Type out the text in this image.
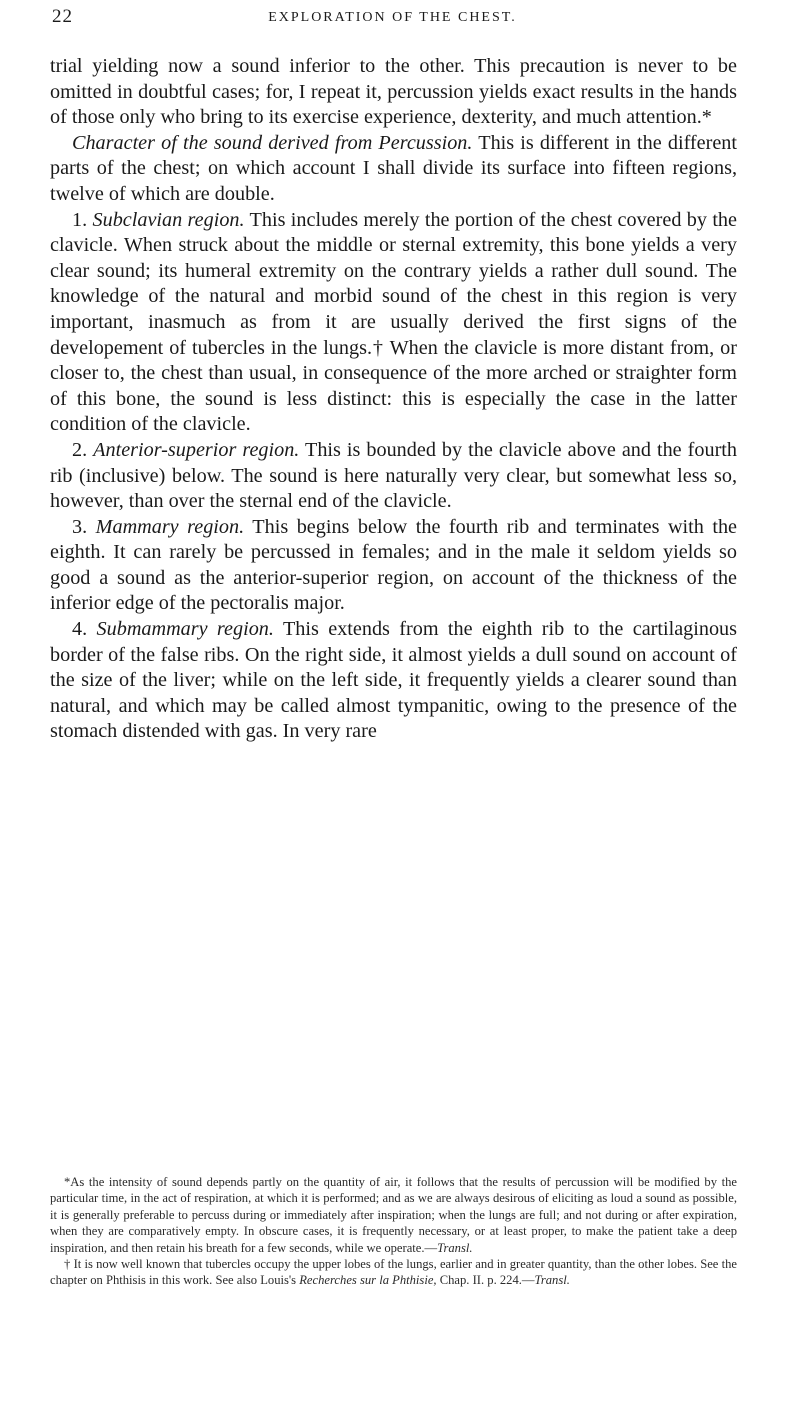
22	EXPLORATION OF THE CHEST.

trial yielding now a sound inferior to the other. This precaution is never to be omitted in doubtful cases; for, I repeat it, percussion yields exact results in the hands of those only who bring to its exercise experience, dexterity, and much attention.*

Character of the sound derived from Percussion. This is different in the different parts of the chest; on which account I shall divide its surface into fifteen regions, twelve of which are double.

1. Subclavian region. This includes merely the portion of the chest covered by the clavicle. When struck about the middle or sternal extremity, this bone yields a very clear sound; its humeral extremity on the contrary yields a rather dull sound. The knowledge of the natural and morbid sound of the chest in this region is very important, inasmuch as from it are usually derived the first signs of the developement of tubercles in the lungs.† When the clavicle is more distant from, or closer to, the chest than usual, in consequence of the more arched or straighter form of this bone, the sound is less distinct: this is especially the case in the latter condition of the clavicle.

2. Anterior-superior region. This is bounded by the clavicle above and the fourth rib (inclusive) below. The sound is here naturally very clear, but somewhat less so, however, than over the sternal end of the clavicle.

3. Mammary region. This begins below the fourth rib and terminates with the eighth. It can rarely be percussed in females; and in the male it seldom yields so good a sound as the anterior-superior region, on account of the thickness of the inferior edge of the pectoralis major.

4. Submammary region. This extends from the eighth rib to the cartilaginous border of the false ribs. On the right side, it almost yields a dull sound on account of the size of the liver; while on the left side, it frequently yields a clearer sound than natural, and which may be called almost tympanitic, owing to the presence of the stomach distended with gas. In very rare

*As the intensity of sound depends partly on the quantity of air, it follows that the results of percussion will be modified by the particular time, in the act of respiration, at which it is performed; and as we are always desirous of eliciting as loud a sound as possible, it is generally preferable to percuss during or immediately after inspiration; when the lungs are full; and not during or after expiration, when they are comparatively empty. In obscure cases, it is frequently necessary, or at least proper, to make the patient take a deep inspiration, and then retain his breath for a few seconds, while we operate.—Transl.

† It is now well known that tubercles occupy the upper lobes of the lungs, earlier and in greater quantity, than the other lobes. See the chapter on Phthisis in this work. See also Louis's Recherches sur la Phthisie, Chap. II. p. 224.—Transl.
